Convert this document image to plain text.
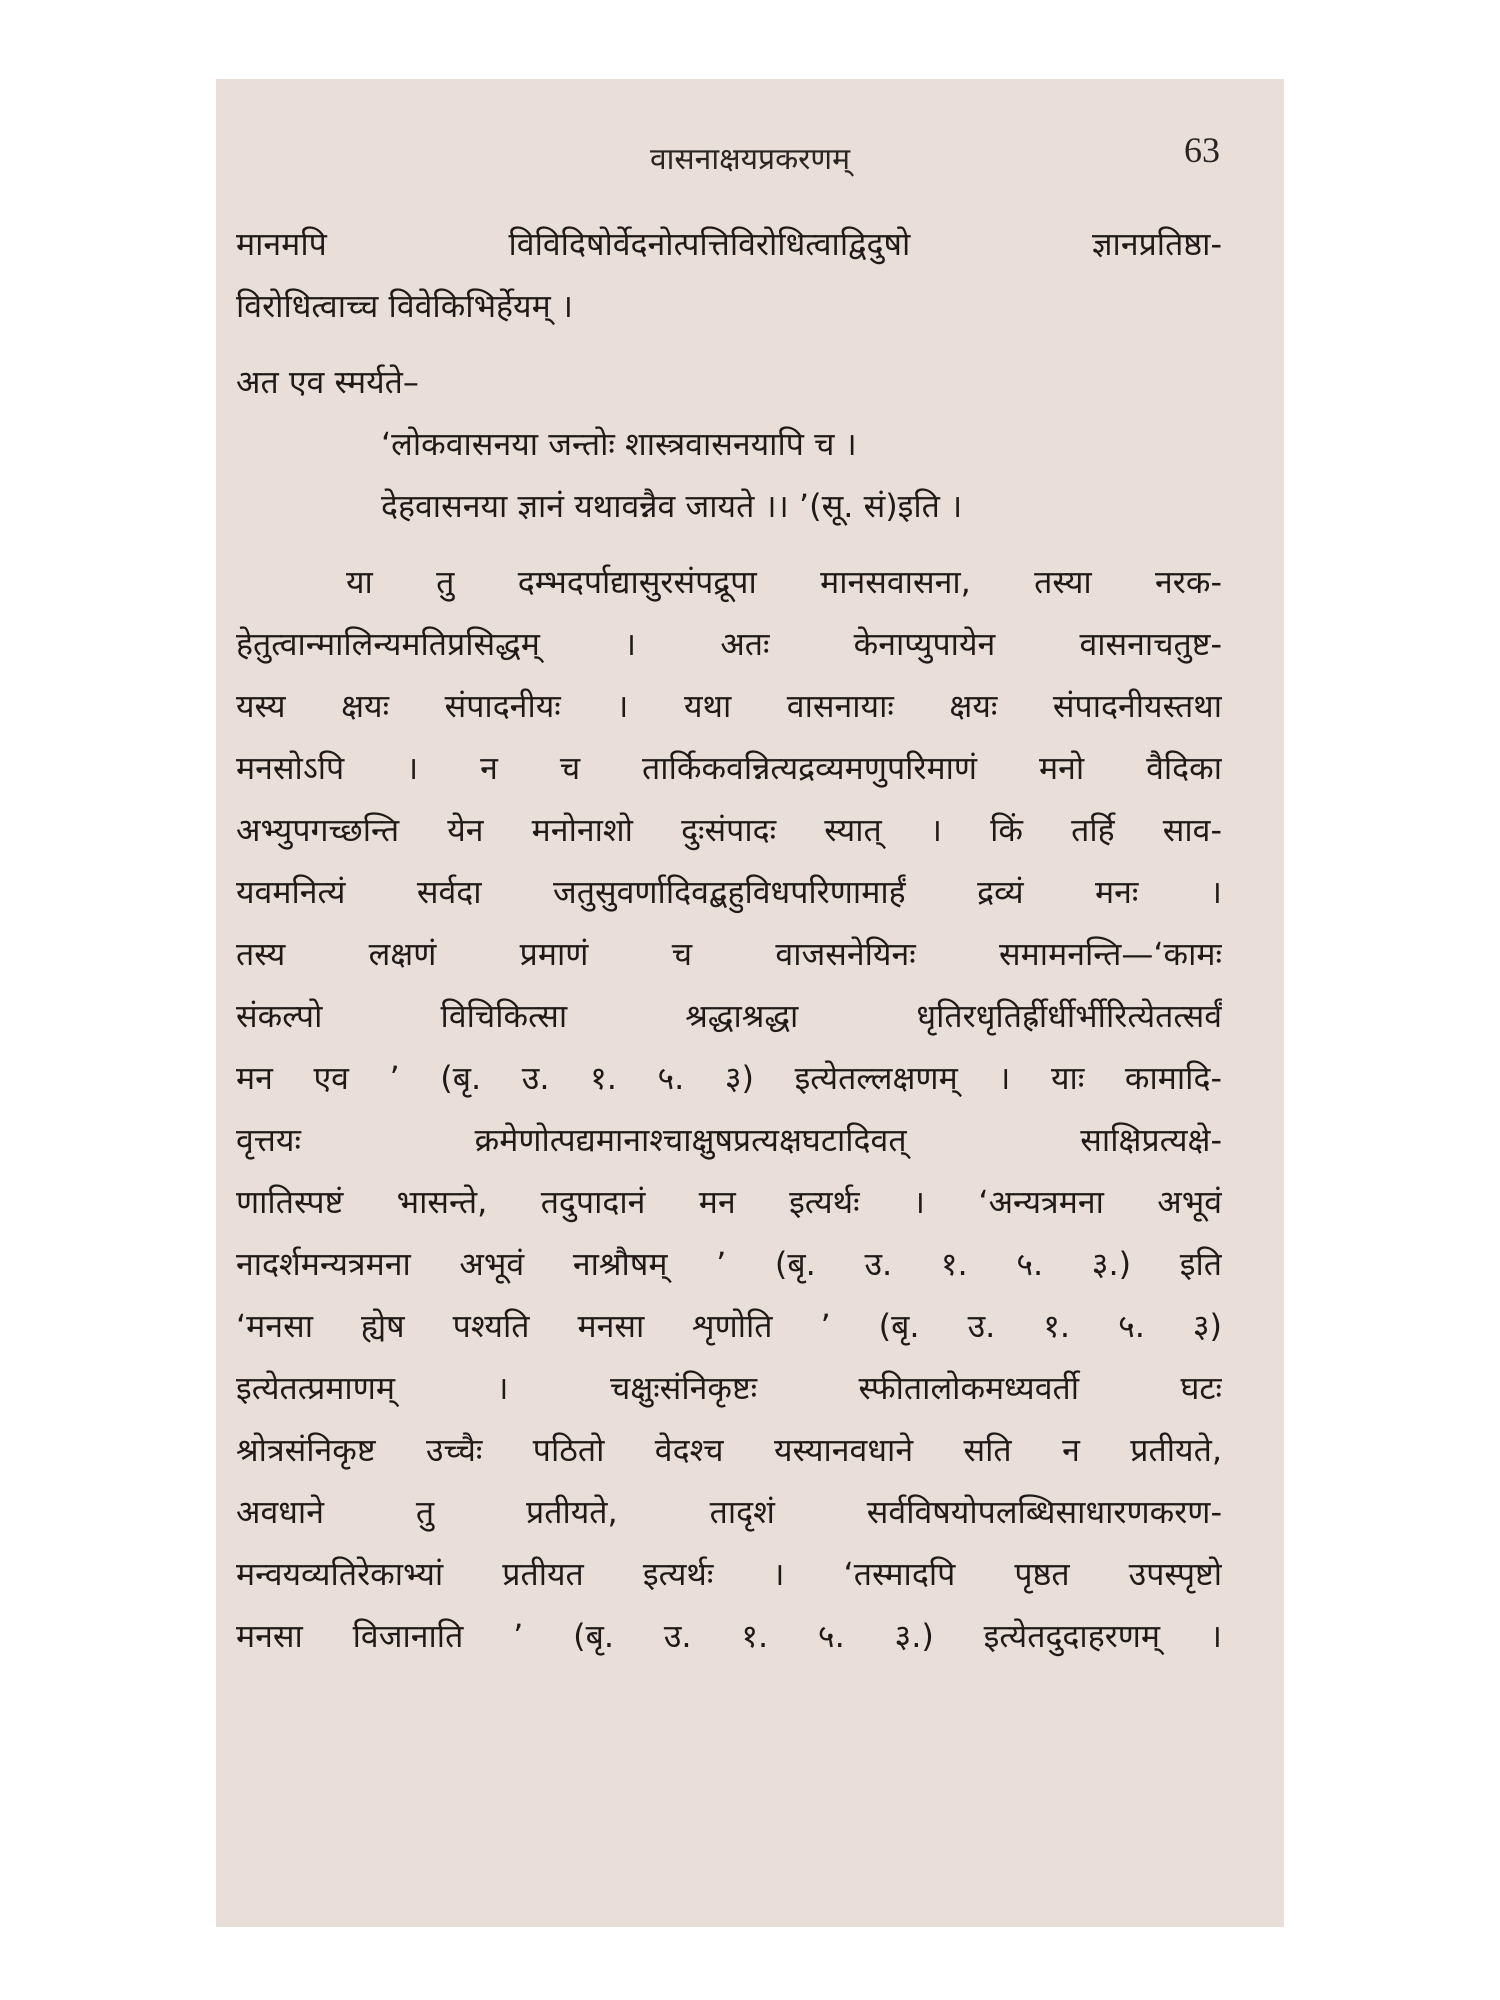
वासनाक्षयप्रकरणम्	63
मानमपि विविदिषोर्वेदनोत्पत्तिविरोधित्वाद्विदुषो ज्ञानप्रतिष्ठा-
विरोधित्वाच्च विवेकिभिर्हेयम् ।
अत एव स्मर्यते–
‘लोकवासनया जन्तोः शास्त्रवासनयापि च ।
देहवासनया ज्ञानं यथावन्नैव जायते ।। ’(सू. सं)इति ।
या तु दम्भदर्पाद्यासुरसंपद्रूपा मानसवासना, तस्या नरक-
हेतुत्वान्मालिन्यमतिप्रसिद्धम् । अतः केनाप्युपायेन वासनाचतुष्ट-
यस्य क्षयः संपादनीयः । यथा वासनायाः क्षयः संपादनीयस्तथा
मनसोऽपि । न च तार्किकवन्नित्यद्रव्यमणुपरिमाणं मनो वैदिका
अभ्युपगच्छन्ति येन मनोनाशो दुःसंपादः स्यात् । किं तर्हि साव-
यवमनित्यं सर्वदा जतुसुवर्णादिवद्बहुविधपरिणामार्हं द्रव्यं मनः ।
तस्य लक्षणं प्रमाणं च वाजसनेयिनः समामनन्ति—‘कामः
संकल्पो विचिकित्सा श्रद्धाश्रद्धा धृतिरधृतिर्ह्रीर्धीर्भीरित्येतत्सर्वं
मन एव ’ (बृ. उ. १. ५. ३) इत्येतल्लक्षणम् । याः कामादि-
वृत्तयः क्रमेणोत्पद्यमानाश्चाक्षुषप्रत्यक्षघटादिवत् साक्षिप्रत्यक्षे-
णातिस्पष्टं भासन्ते, तदुपादानं मन इत्यर्थः । ‘अन्यत्रमना अभूवं
नादर्शमन्यत्रमना अभूवं नाश्रौषम् ’ (बृ. उ. १. ५. ३.) इति
‘मनसा ह्येष पश्यति मनसा शृणोति ’ (बृ. उ. १. ५. ३)
इत्येतत्प्रमाणम् । चक्षुःसंनिकृष्टः स्फीतालोकमध्यवर्ती घटः
श्रोत्रसंनिकृष्ट उच्चैः पठितो वेदश्च यस्यानवधाने सति न प्रतीयते,
अवधाने तु प्रतीयते, तादृशं सर्वविषयोपलब्धिसाधारणकरण-
मन्वयव्यतिरेकाभ्यां प्रतीयत इत्यर्थः । ‘तस्मादपि पृष्ठत उपस्पृष्टो
मनसा विजानाति ’ (बृ. उ. १. ५. ३.) इत्येतदुदाहरणम् ।
